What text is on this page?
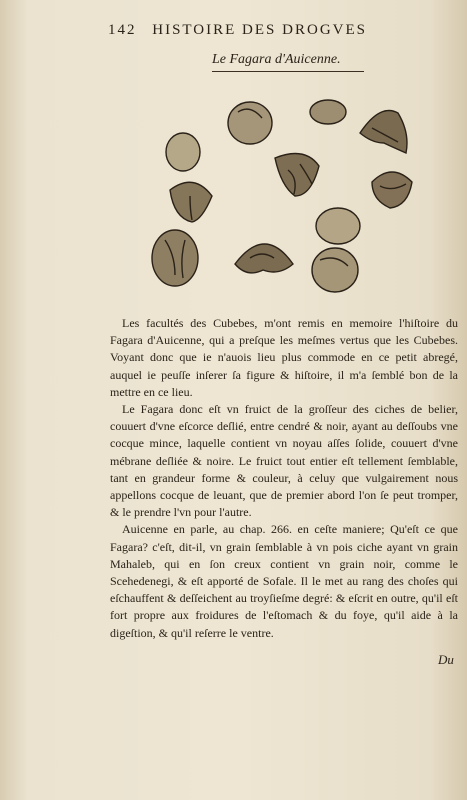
142 HISTOIRE DES DROGVES
Le Fagara d'Auicenne.

Les facultés des Cubebes, m'ont remis en memoire l'hiſtoire du Fagara d'Auicenne, qui a preſque les meſmes vertus que les Cubebes. Voyant donc que ie n'auois lieu plus commode en ce petit abregé, auquel ie peuſſe inſerer ſa figure & hiſtoire, il m'a ſemblé bon de la mettre en ce lieu.

Le Fagara donc eſt vn fruict de la groſſeur des ciches de belier, couuert d'vne eſcorce deſlié, entre cendré & noir, ayant au deſſoubs vne cocque mince, laquelle contient vn noyau aſſes ſolide, couuert d'vne mébrane deſliée & noire. Le fruict tout entier eſt tellement ſemblable, tant en grandeur forme & couleur, à celuy que vulgairement nous appellons cocque de leuant, que de premier abord l'on ſe peut tromper, & le prendre l'vn pour l'autre.

Auicenne en parle, au chap. 266. en ceſte maniere; Qu'eſt ce que Fagara? c'eſt, dit-il, vn grain ſemblable à vn pois ciche ayant vn grain Mahaleb, qui en ſon creux contient vn grain noir, comme le Scehedenegi, & eſt apporté de Sofale. Il le met au rang des choſes qui eſchauffent & deſſeichent au troyſieſme degré: & eſcrit en outre, qu'il eſt fort propre aux froidures de l'eſtomach & du foye, qu'il aide à la digeſtion, & qu'il reſerre le ventre.

Du
